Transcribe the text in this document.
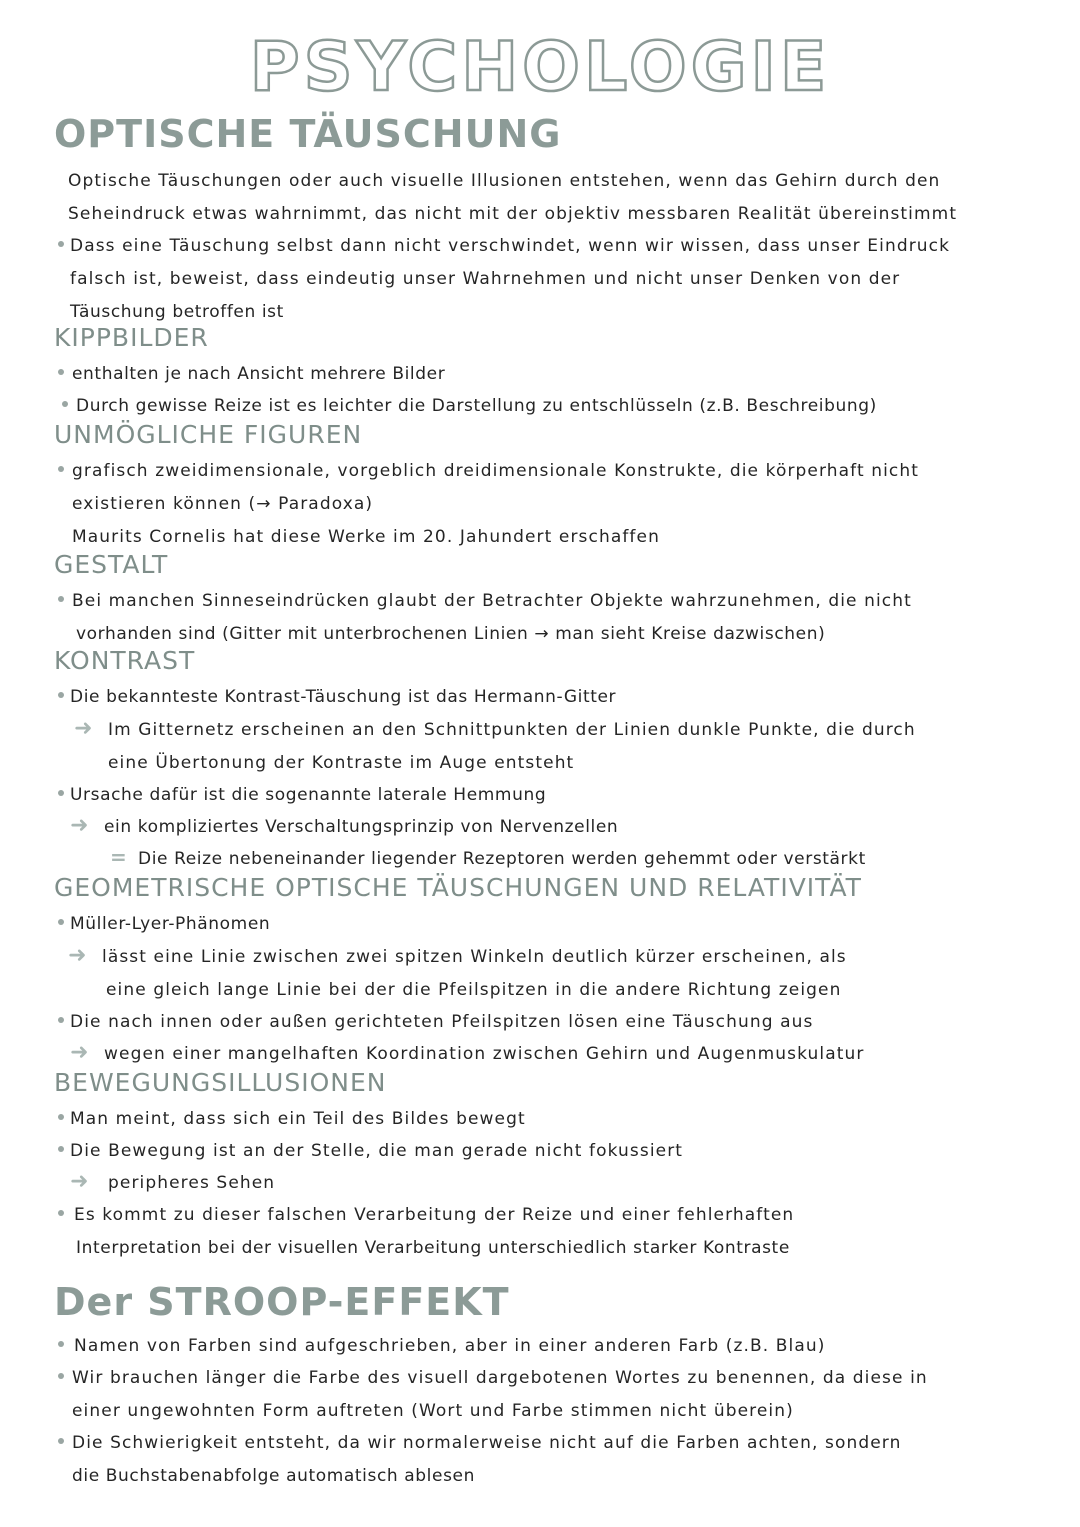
PSYCHOLOGIE
OPTISCHE TÄUSCHUNG
Optische Täuschungen oder auch visuelle Illusionen entstehen, wenn das Gehirn durch den
Seheindruck etwas wahrnimmt, das nicht mit der objektiv messbaren Realität übereinstimmt
Dass eine Täuschung selbst dann nicht verschwindet, wenn wir wissen, dass unser Eindruck
falsch ist, beweist, dass eindeutig unser Wahrnehmen und nicht unser Denken von der
Täuschung betroffen ist
KIPPBILDER
enthalten je nach Ansicht mehrere Bilder
Durch gewisse Reize ist es leichter die Darstellung zu entschlüsseln (z.B. Beschreibung)
UNMÖGLICHE FIGUREN
grafisch zweidimensionale, vorgeblich dreidimensionale Konstrukte, die körperhaft nicht
existieren können (→ Paradoxa)
Maurits Cornelis hat diese Werke im 20. Jahundert erschaffen
GESTALT
Bei manchen Sinneseindrücken glaubt der Betrachter Objekte wahrzunehmen, die nicht
vorhanden sind (Gitter mit unterbrochenen Linien → man sieht Kreise dazwischen)
KONTRAST
Die bekannteste Kontrast-Täuschung ist das Hermann-Gitter
➜ Im Gitternetz erscheinen an den Schnittpunkten der Linien dunkle Punkte, die durch
eine Übertonung der Kontraste im Auge entsteht
Ursache dafür ist die sogenannte laterale Hemmung
➜ ein kompliziertes Verschaltungsprinzip von Nervenzellen
= Die Reize nebeneinander liegender Rezeptoren werden gehemmt oder verstärkt
GEOMETRISCHE OPTISCHE TÄUSCHUNGEN UND RELATIVITÄT
Müller-Lyer-Phänomen
➜ lässt eine Linie zwischen zwei spitzen Winkeln deutlich kürzer erscheinen, als
eine gleich lange Linie bei der die Pfeilspitzen in die andere Richtung zeigen
Die nach innen oder außen gerichteten Pfeilspitzen lösen eine Täuschung aus
➜ wegen einer mangelhaften Koordination zwischen Gehirn und Augenmuskulatur
BEWEGUNGSILLUSIONEN
Man meint, dass sich ein Teil des Bildes bewegt
Die Bewegung ist an der Stelle, die man gerade nicht fokussiert
➜ peripheres Sehen
Es kommt zu dieser falschen Verarbeitung der Reize und einer fehlerhaften
Interpretation bei der visuellen Verarbeitung unterschiedlich starker Kontraste
Der STROOP-EFFEKT
Namen von Farben sind aufgeschrieben, aber in einer anderen Farb (z.B. Blau)
Wir brauchen länger die Farbe des visuell dargebotenen Wortes zu benennen, da diese in
einer ungewohnten Form auftreten (Wort und Farbe stimmen nicht überein)
Die Schwierigkeit entsteht, da wir normalerweise nicht auf die Farben achten, sondern
die Buchstabenabfolge automatisch ablesen
